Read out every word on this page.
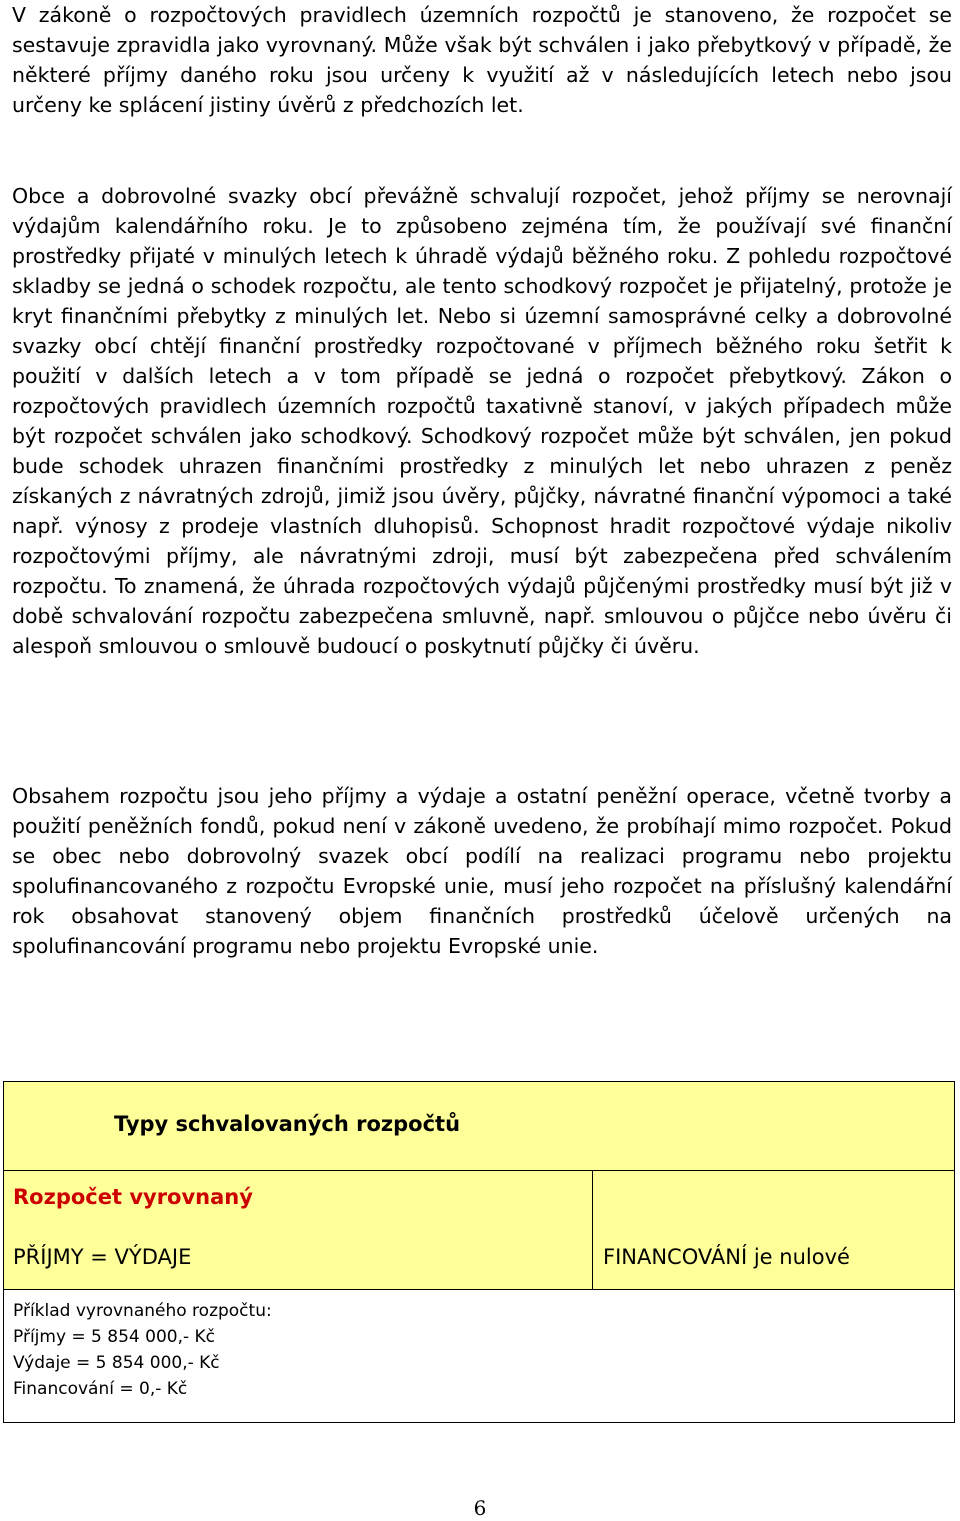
V zákoně o rozpočtových pravidlech územních rozpočtů je stanoveno, že rozpočet se sestavuje zpravidla jako vyrovnaný. Může však být schválen i jako přebytkový v případě, že některé příjmy daného roku jsou určeny k využití až v následujících letech nebo jsou určeny ke splácení jistiny úvěrů z předchozích let.

Obce a dobrovolné svazky obcí převážně schvalují rozpočet, jehož příjmy se nerovnají výdajům kalendářního roku. Je to způsobeno zejména tím, že používají své finanční prostředky přijaté v minulých letech k úhradě výdajů běžného roku. Z pohledu rozpočtové skladby se jedná o schodek rozpočtu, ale tento schodkový rozpočet je přijatelný, protože je kryt finančními přebytky z minulých let. Nebo si územní samosprávné celky a dobrovolné svazky obcí chtějí finanční prostředky rozpočtované v příjmech běžného roku šetřit k použití v dalších letech a v tom případě se jedná o rozpočet přebytkový. Zákon o rozpočtových pravidlech územních rozpočtů taxativně stanoví, v jakých případech může být rozpočet schválen jako schodkový. Schodkový rozpočet může být schválen, jen pokud bude schodek uhrazen finančními prostředky z minulých let nebo uhrazen z peněz získaných z návratných zdrojů, jimiž jsou úvěry, půjčky, návratné finanční výpomoci a také např. výnosy z prodeje vlastních dluhopisů. Schopnost hradit rozpočtové výdaje nikoliv rozpočtovými příjmy, ale návratnými zdroji, musí být zabezpečena před schválením rozpočtu. To znamená, že úhrada rozpočtových výdajů půjčenými prostředky musí být již v době schvalování rozpočtu zabezpečena smluvně, např. smlouvou o půjčce nebo úvěru či alespoň smlouvou o smlouvě budoucí o poskytnutí půjčky či úvěru.

Obsahem rozpočtu jsou jeho příjmy a výdaje a ostatní peněžní operace, včetně tvorby a použití peněžních fondů, pokud není v zákoně uvedeno, že probíhají mimo rozpočet. Pokud se obec nebo dobrovolný svazek obcí podílí na realizaci programu nebo projektu spolufinancovaného z rozpočtu Evropské unie, musí jeho rozpočet na příslušný kalendářní rok obsahovat stanovený objem finančních prostředků účelově určených na spolufinancování programu nebo projektu Evropské unie.

Typy schvalovaných rozpočtů
Rozpočet vyrovnaný
PŘÍJMY = VÝDAJE	FINANCOVÁNÍ je nulové
Příklad vyrovnaného rozpočtu:
Příjmy = 5 854 000,- Kč
Výdaje = 5 854 000,- Kč
Financování = 0,- Kč
6
